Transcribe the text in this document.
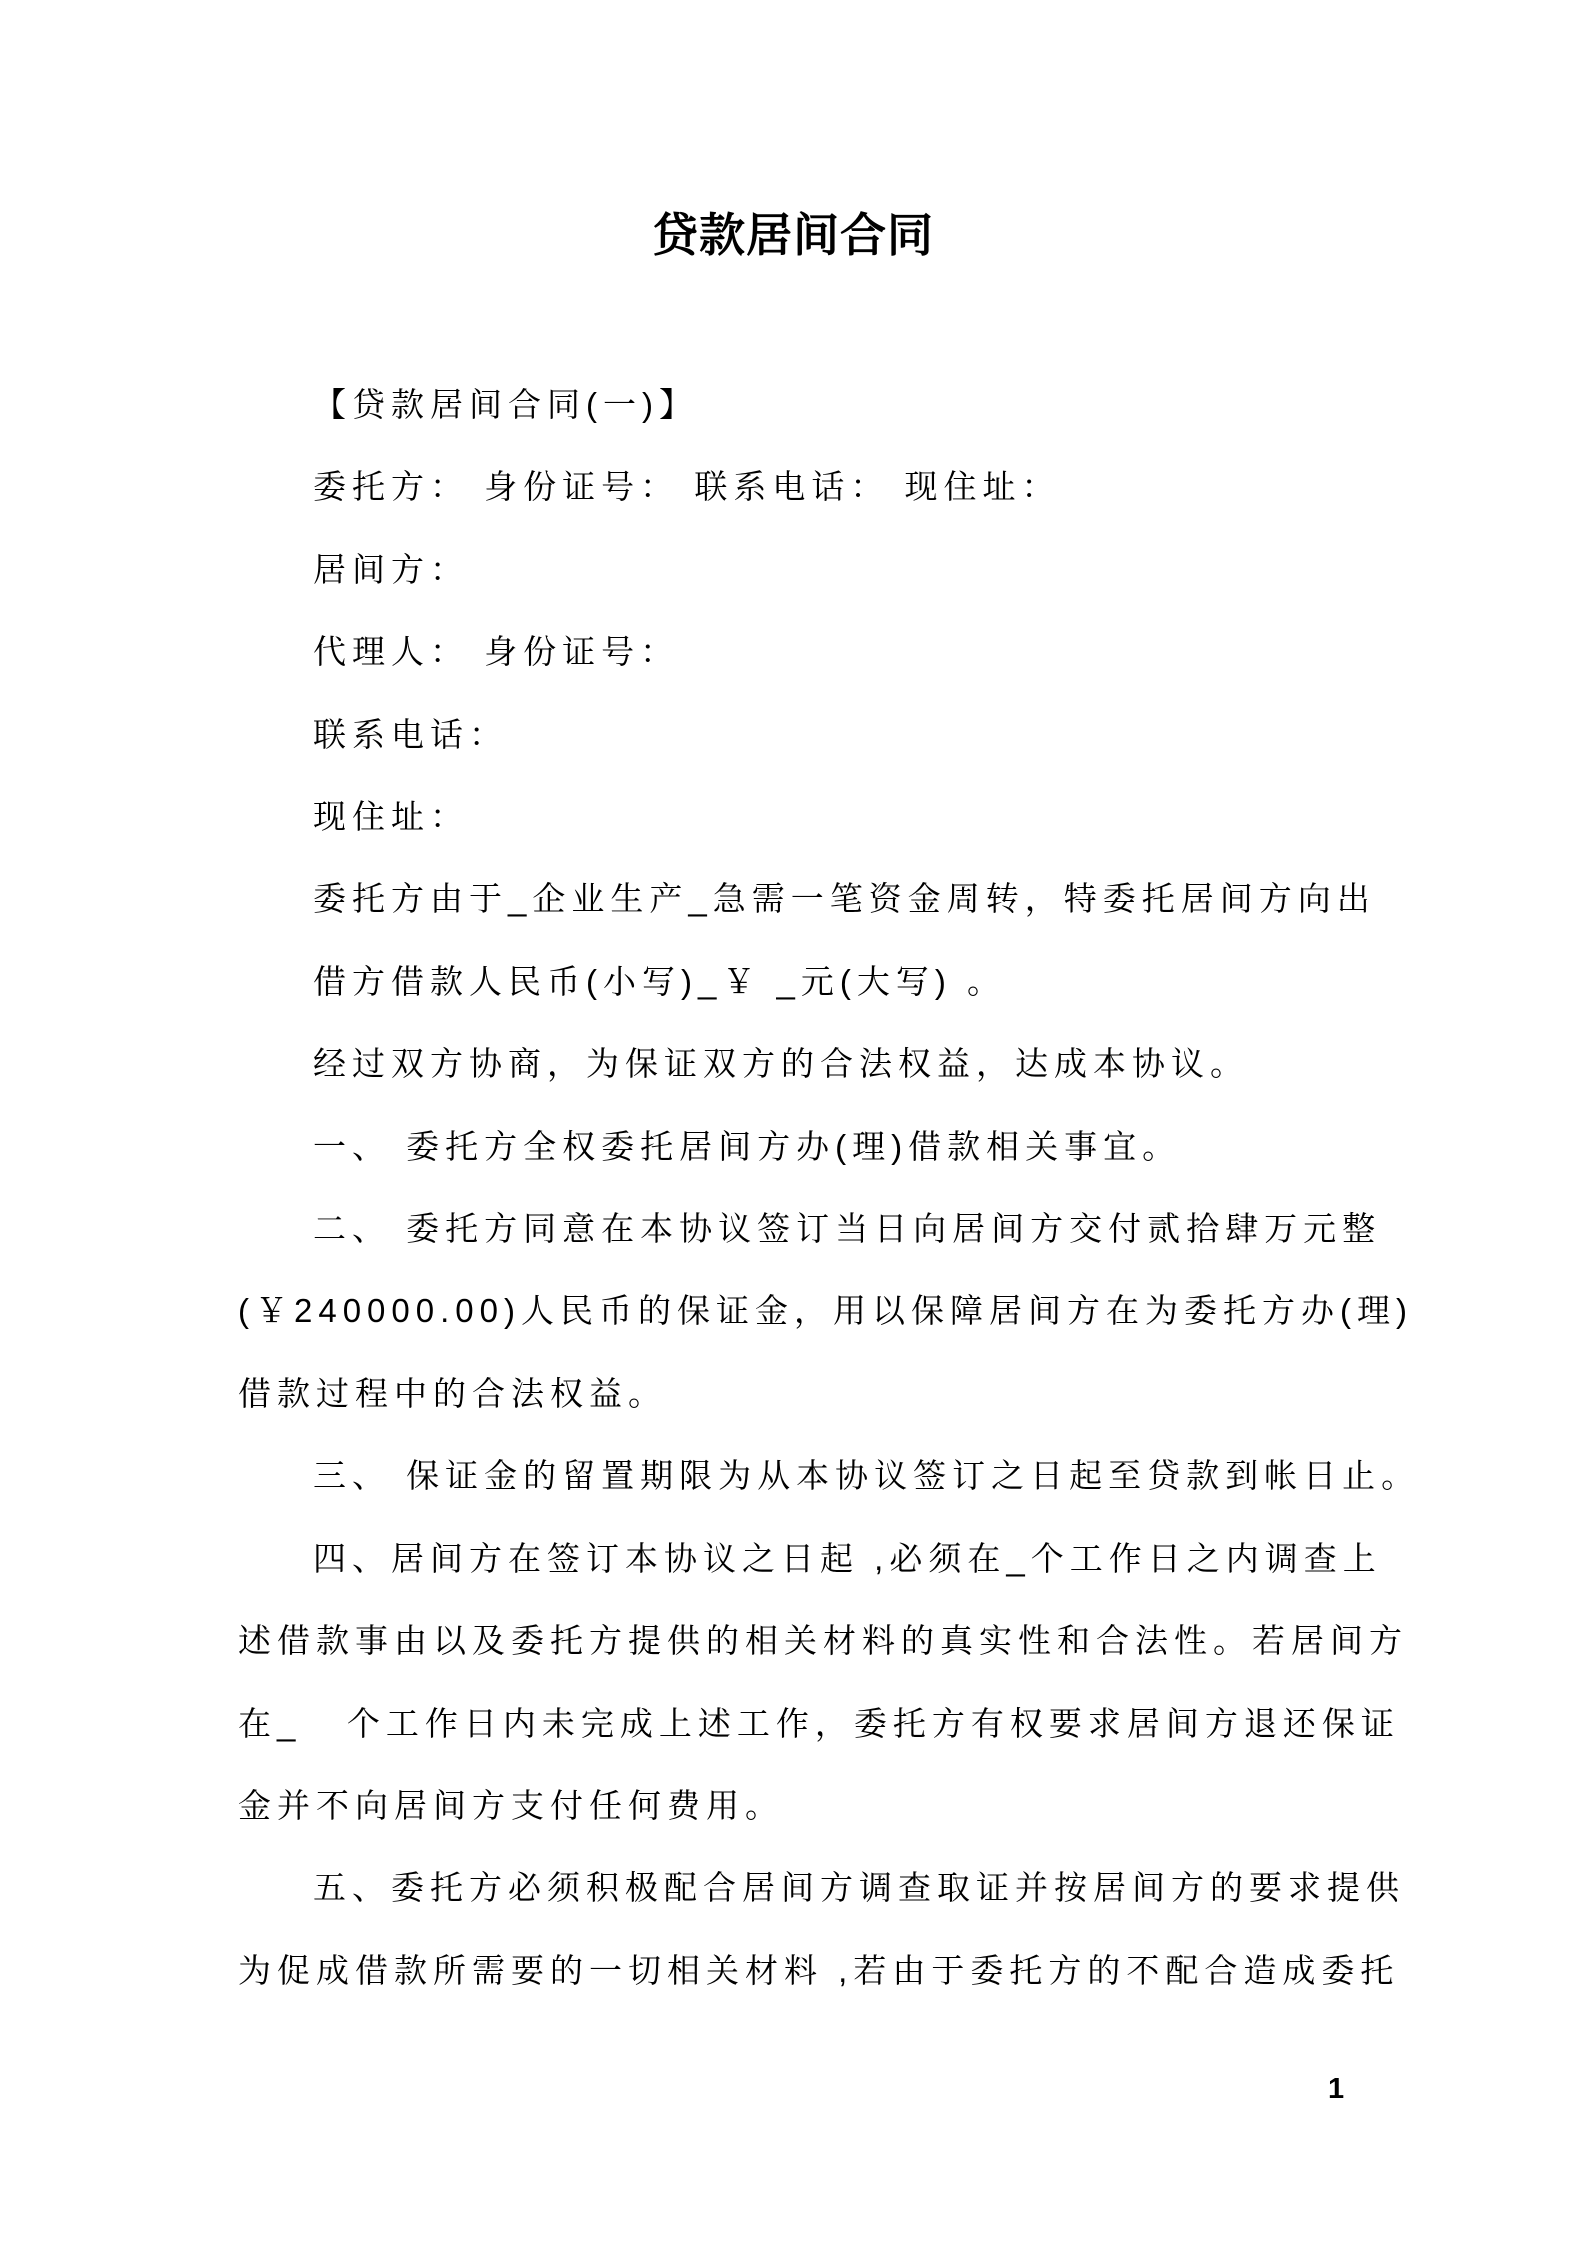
贷款居间合同
【贷款居间合同(一)】
委托方： 身份证号： 联系电话： 现住址：
居间方：
代理人： 身份证号：
联系电话：
现住址：
委托方由于_企业生产_急需一笔资金周转，特委托居间方向出
借方借款人民币(小写)_￥ _元(大写) 。
经过双方协商，为保证双方的合法权益，达成本协议。
一、 委托方全权委托居间方办(理)借款相关事宜。
二、 委托方同意在本协议签订当日向居间方交付贰拾肆万元整
(￥240000.00)人民币的保证金，用以保障居间方在为委托方办(理)
借款过程中的合法权益。
三、 保证金的留置期限为从本协议签订之日起至贷款到帐日止。
四、居间方在签订本协议之日起 ,必须在_个工作日之内调查上
述借款事由以及委托方提供的相关材料的真实性和合法性。若居间方
在_   个工作日内未完成上述工作，委托方有权要求居间方退还保证
金并不向居间方支付任何费用。
五、委托方必须积极配合居间方调查取证并按居间方的要求提供
为促成借款所需要的一切相关材料 ,若由于委托方的不配合造成委托
1
